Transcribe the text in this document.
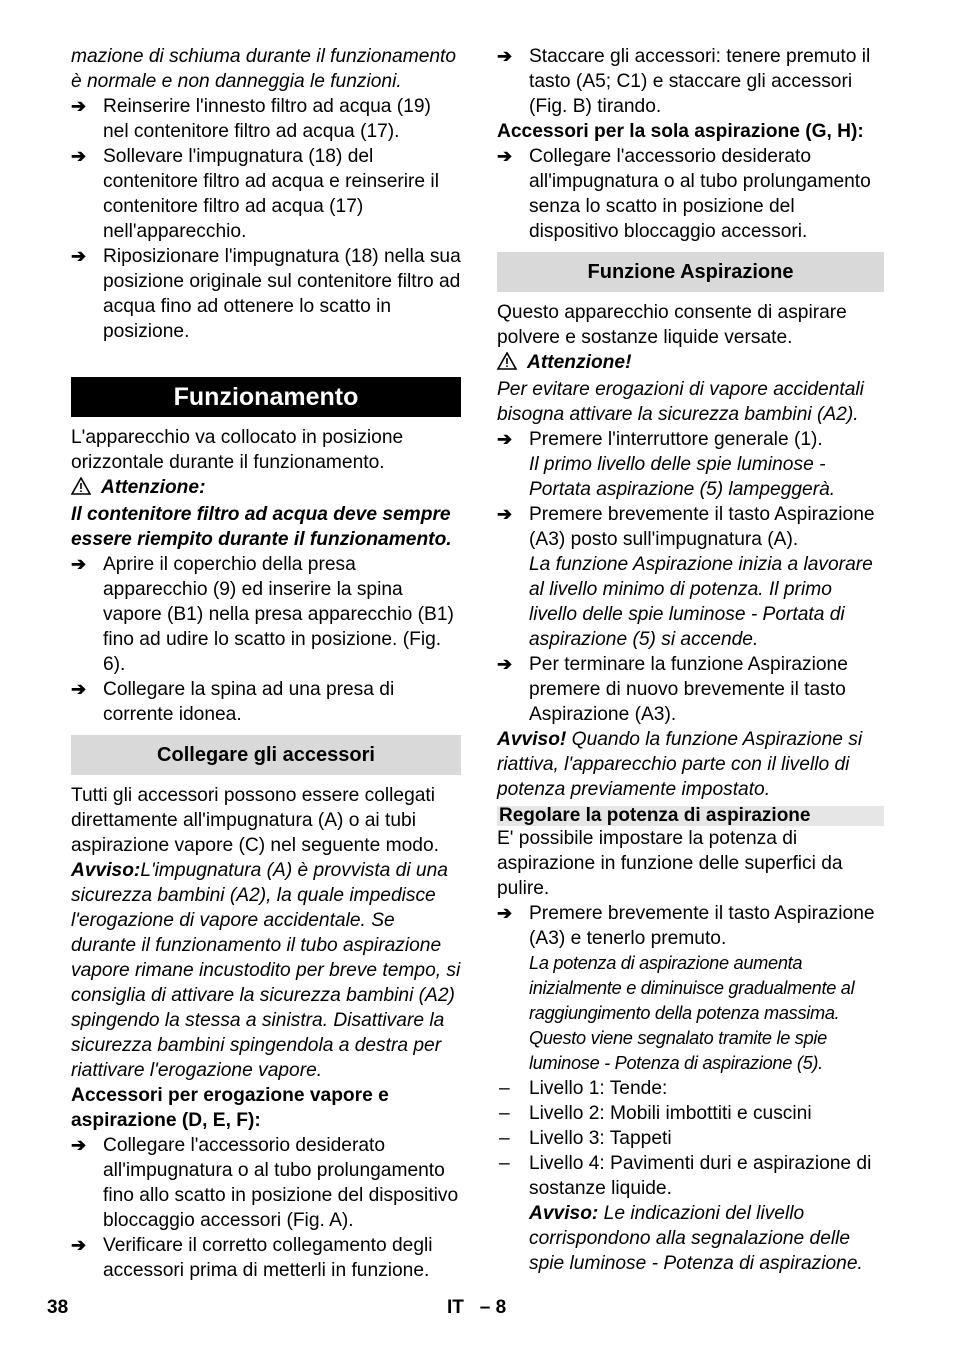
mazione di schiuma durante il funzionamento è normale e non danneggia le funzioni.

➔ Reinserire l'innesto filtro ad acqua (19) nel contenitore filtro ad acqua (17).
➔ Sollevare l'impugnatura (18) del contenitore filtro ad acqua e reinserire il contenitore filtro ad acqua (17) nell'apparecchio.
➔ Riposizionare l'impugnatura (18) nella sua posizione originale sul contenitore filtro ad acqua fino ad ottenere lo scatto in posizione.
Funzionamento

L'apparecchio va collocato in posizione orizzontale durante il funzionamento.

Attenzione:

Il contenitore filtro ad acqua deve sempre essere riempito durante il funzionamento.

➔ Aprire il coperchio della presa apparecchio (9) ed inserire la spina vapore (B1) nella presa apparecchio (B1) fino ad udire lo scatto in posizione. (Fig. 6).
➔ Collegare la spina ad una presa di corrente idonea.
Collegare gli accessori

Tutti gli accessori possono essere collegati direttamente all'impugnatura (A) o ai tubi aspirazione vapore (C) nel seguente modo.

Avviso:L'impugnatura (A) è provvista di una sicurezza bambini (A2), la quale impedisce l'erogazione di vapore accidentale. Se durante il funzionamento il tubo aspirazione vapore rimane incustodito per breve tempo, si consiglia di attivare la sicurezza bambini (A2) spingendo la stessa a sinistra. Disattivare la sicurezza bambini spingendola a destra per riattivare l'erogazione vapore.

Accessori per erogazione vapore e aspirazione (D, E, F):

➔ Collegare l'accessorio desiderato all'impugnatura o al tubo prolungamento fino allo scatto in posizione del dispositivo bloccaggio accessori (Fig. A).
➔ Verificare il corretto collegamento degli accessori prima di metterli in funzione.
➔ Staccare gli accessori: tenere premuto il tasto (A5; C1) e staccare gli accessori (Fig. B) tirando.

Accessori per la sola aspirazione (G, H):

➔ Collegare l'accessorio desiderato all'impugnatura o al tubo prolungamento senza lo scatto in posizione del dispositivo bloccaggio accessori.
Funzione Aspirazione

Questo apparecchio consente di aspirare polvere e sostanze liquide versate.

Attenzione!

Per evitare erogazioni di vapore accidentali bisogna attivare la sicurezza bambini (A2).

➔ Premere l'interruttore generale (1).

Il primo livello delle spie luminose - Portata aspirazione (5) lampeggerà.

➔ Premere brevemente il tasto Aspirazione (A3) posto sull'impugnatura (A).

La funzione Aspirazione inizia a lavorare al livello minimo di potenza. Il primo livello delle spie luminose - Portata di aspirazione (5) si accende.

➔ Per terminare la funzione Aspirazione premere di nuovo brevemente il tasto Aspirazione (A3).

Avviso! Quando la funzione Aspirazione si riattiva, l'apparecchio parte con il livello di potenza previamente impostato.

Regolare la potenza di aspirazione

E' possibile impostare la potenza di aspirazione in funzione delle superfici da pulire.

➔ Premere brevemente il tasto Aspirazione (A3) e tenerlo premuto.

La potenza di aspirazione aumenta inizialmente e diminuisce gradualmente al raggiungimento della potenza massima. Questo viene segnalato tramite le spie luminose - Potenza di aspirazione (5).

– Livello 1: Tende:
– Livello 2: Mobili imbottiti e cuscini
– Livello 3: Tappeti
– Livello 4: Pavimenti duri e aspirazione di sostanze liquide.

Avviso: Le indicazioni del livello corrispondono alla segnalazione delle spie luminose - Potenza di aspirazione.

38	IT   – 8
